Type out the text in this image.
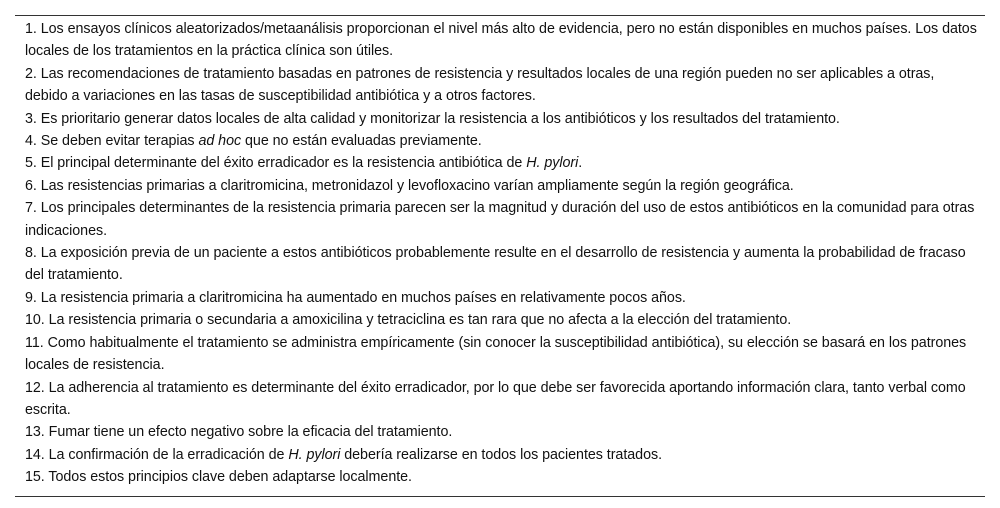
1. Los ensayos clínicos aleatorizados/metaanálisis proporcionan el nivel más alto de evidencia, pero no están disponibles en muchos países. Los datos locales de los tratamientos en la práctica clínica son útiles.
2. Las recomendaciones de tratamiento basadas en patrones de resistencia y resultados locales de una región pueden no ser aplicables a otras, debido a variaciones en las tasas de susceptibilidad antibiótica y a otros factores.
3. Es prioritario generar datos locales de alta calidad y monitorizar la resistencia a los antibióticos y los resultados del tratamiento.
4. Se deben evitar terapias ad hoc que no están evaluadas previamente.
5. El principal determinante del éxito erradicador es la resistencia antibiótica de H. pylori.
6. Las resistencias primarias a claritromicina, metronidazol y levofloxacino varían ampliamente según la región geográfica.
7. Los principales determinantes de la resistencia primaria parecen ser la magnitud y duración del uso de estos antibióticos en la comunidad para otras indicaciones.
8. La exposición previa de un paciente a estos antibióticos probablemente resulte en el desarrollo de resistencia y aumenta la probabilidad de fracaso del tratamiento.
9. La resistencia primaria a claritromicina ha aumentado en muchos países en relativamente pocos años.
10. La resistencia primaria o secundaria a amoxicilina y tetraciclina es tan rara que no afecta a la elección del tratamiento.
11. Como habitualmente el tratamiento se administra empíricamente (sin conocer la susceptibilidad antibiótica), su elección se basará en los patrones locales de resistencia.
12. La adherencia al tratamiento es determinante del éxito erradicador, por lo que debe ser favorecida aportando información clara, tanto verbal como escrita.
13. Fumar tiene un efecto negativo sobre la eficacia del tratamiento.
14. La confirmación de la erradicación de H. pylori debería realizarse en todos los pacientes tratados.
15. Todos estos principios clave deben adaptarse localmente.
